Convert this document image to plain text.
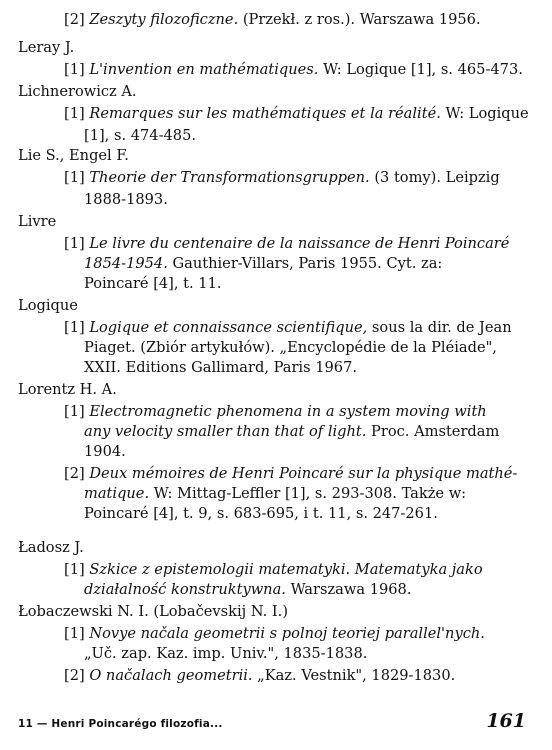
[2] Zeszyty filozoficzne. (Przekł. z ros.). Warszawa 1956.
Leray J.
[1] L'invention en mathématiques. W: Logique [1], s. 465-473.
Lichnerowicz A.
[1] Remarques sur les mathématiques et la réalité. W: Logique
[1], s. 474-485.
Lie S., Engel F.
[1] Theorie der Transformationsgruppen. (3 tomy). Leipzig
1888-1893.
Livre
[1] Le livre du centenaire de la naissance de Henri Poincaré
1854-1954. Gauthier-Villars, Paris 1955. Cyt. za:
Poincaré [4], t. 11.
Logique
[1] Logique et connaissance scientifique, sous la dir. de Jean
Piaget. (Zbiór artykułów). „Encyclopédie de la Pléiade",
XXII. Editions Gallimard, Paris 1967.
Lorentz H. A.
[1] Electromagnetic phenomena in a system moving with
any velocity smaller than that of light. Proc. Amsterdam
1904.
[2] Deux mémoires de Henri Poincaré sur la physique mathé-
matique. W: Mittag-Leffler [1], s. 293-308. Także w:
Poincaré [4], t. 9, s. 683-695, i t. 11, s. 247-261.
Ładosz J.
[1] Szkice z epistemologii matematyki. Matematyka jako
działalność konstruktywna. Warszawa 1968.
Łobaczewski N. I. (Lobačevskij N. I.)
[1] Novye načala geometrii s polnoj teoriej parallel'nych.
„Uč. zap. Kaz. imp. Univ.", 1835-1838.
[2] O načalach geometrii. „Kaz. Vestnik", 1829-1830.
11 — Henri Poincarégo filozofia...	161
